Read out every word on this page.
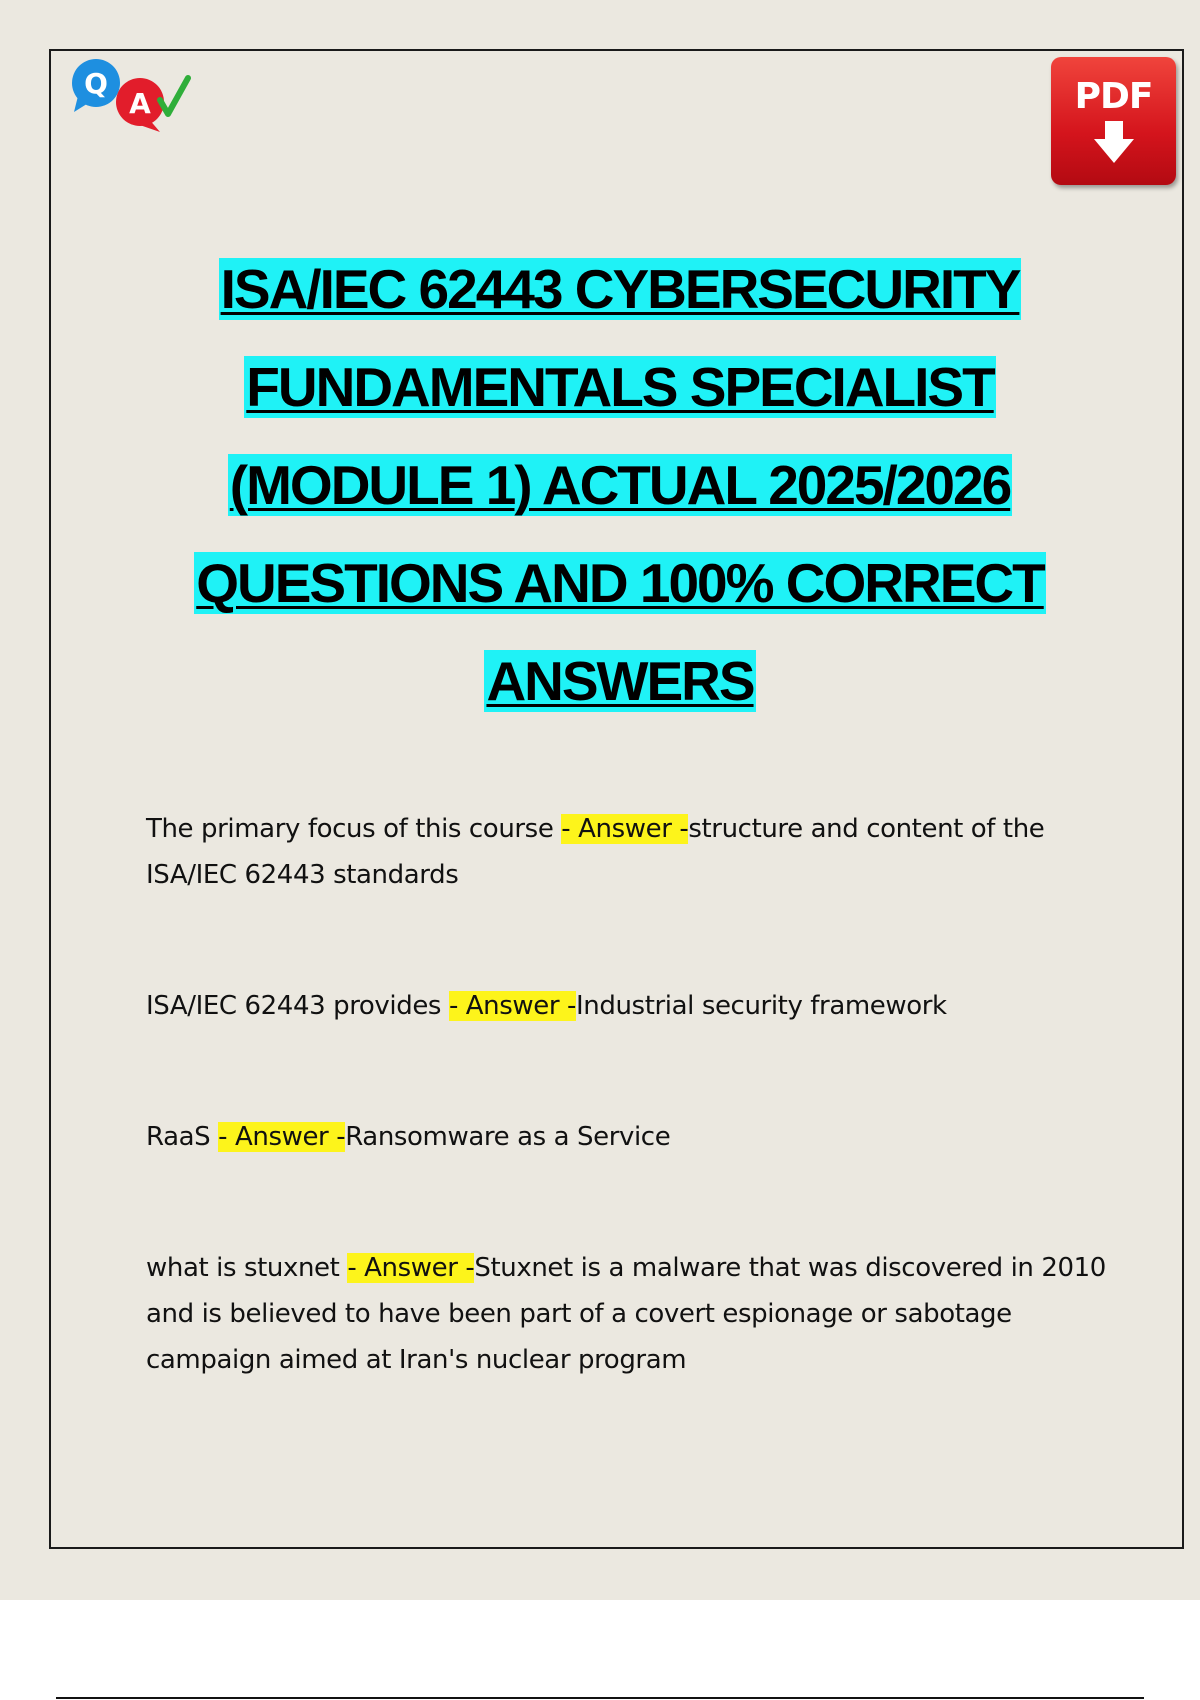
Q
A	PDF
ISA/IEC 62443 CYBERSECURITY
FUNDAMENTALS SPECIALIST
(MODULE 1) ACTUAL 2025/2026
QUESTIONS AND 100% CORRECT
ANSWERS

The primary focus of this course - Answer -structure and content of the ISA/IEC 62443 standards

ISA/IEC 62443 provides - Answer -Industrial security framework

RaaS - Answer -Ransomware as a Service

what is stuxnet - Answer -Stuxnet is a malware that was discovered in 2010 and is believed to have been part of a covert espionage or sabotage campaign aimed at Iran's nuclear program
